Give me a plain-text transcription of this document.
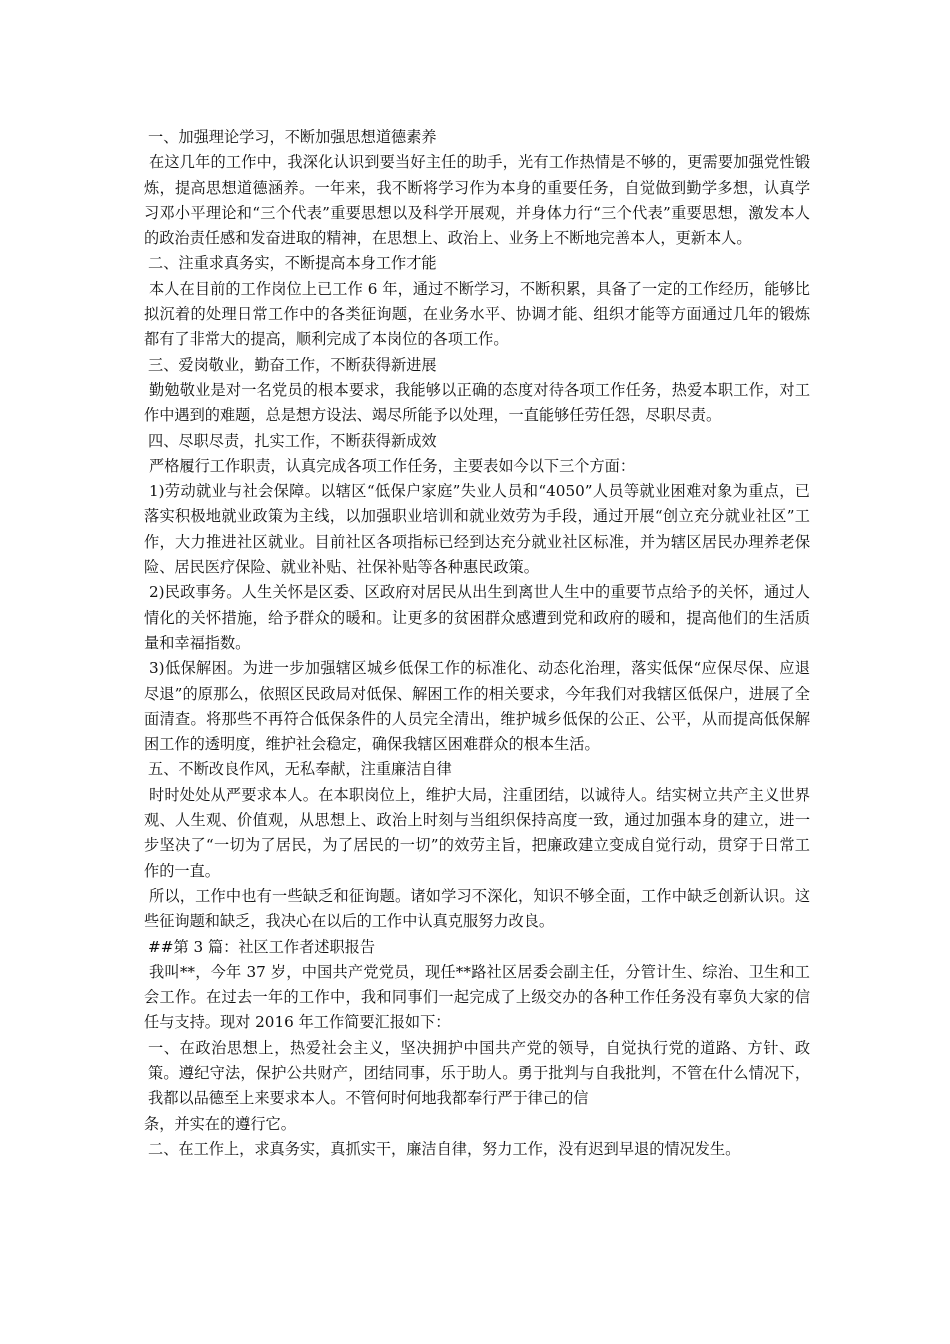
一、加强理论学习，不断加强思想道德素养

在这几年的工作中，我深化认识到要当好主任的助手，光有工作热情是不够的，更需要加强党性锻炼，提高思想道德涵养。一年来，我不断将学习作为本身的重要任务，自觉做到勤学多想，认真学习邓小平理论和“三个代表”重要思想以及科学开展观，并身体力行“三个代表”重要思想，激发本人的政治责任感和发奋进取的精神，在思想上、政治上、业务上不断地完善本人，更新本人。

二、注重求真务实，不断提高本身工作才能

本人在目前的工作岗位上已工作 6 年，通过不断学习，不断积累，具备了一定的工作经历，能够比拟沉着的处理日常工作中的各类征询题，在业务水平、协调才能、组织才能等方面通过几年的锻炼都有了非常大的提高，顺利完成了本岗位的各项工作。

三、爱岗敬业，勤奋工作，不断获得新进展

勤勉敬业是对一名党员的根本要求，我能够以正确的态度对待各项工作任务，热爱本职工作，对工作中遇到的难题，总是想方设法、竭尽所能予以处理，一直能够任劳任怨，尽职尽责。

四、尽职尽责，扎实工作，不断获得新成效

严格履行工作职责，认真完成各项工作任务，主要表如今以下三个方面：

1)劳动就业与社会保障。以辖区“低保户家庭”失业人员和“4050”人员等就业困难对象为重点，已落实积极地就业政策为主线，以加强职业培训和就业效劳为手段，通过开展“创立充分就业社区”工作，大力推进社区就业。目前社区各项指标已经到达充分就业社区标准，并为辖区居民办理养老保险、居民医疗保险、就业补贴、社保补贴等各种惠民政策。

2)民政事务。人生关怀是区委、区政府对居民从出生到离世人生中的重要节点给予的关怀，通过人情化的关怀措施，给予群众的暖和。让更多的贫困群众感遭到党和政府的暖和，提高他们的生活质量和幸福指数。

3)低保解困。为进一步加强辖区城乡低保工作的标准化、动态化治理，落实低保“应保尽保、应退尽退”的原那么，依照区民政局对低保、解困工作的相关要求，今年我们对我辖区低保户，进展了全面清查。将那些不再符合低保条件的人员完全清出，维护城乡低保的公正、公平，从而提高低保解困工作的透明度，维护社会稳定，确保我辖区困难群众的根本生活。

五、不断改良作风，无私奉献，注重廉洁自律

时时处处从严要求本人。在本职岗位上，维护大局，注重团结，以诚待人。结实树立共产主义世界观、人生观、价值观，从思想上、政治上时刻与当组织保持高度一致，通过加强本身的建立，进一步坚决了“一切为了居民，为了居民的一切”的效劳主旨，把廉政建立变成自觉行动，贯穿于日常工作的一直。

所以，工作中也有一些缺乏和征询题。诸如学习不深化，知识不够全面，工作中缺乏创新认识。这些征询题和缺乏，我决心在以后的工作中认真克服努力改良。

##第 3 篇：社区工作者述职报告

我叫**，今年 37 岁，中国共产党党员，现任**路社区居委会副主任，分管计生、综治、卫生和工会工作。在过去一年的工作中，我和同事们一起完成了上级交办的各种工作任务没有辜负大家的信任与支持。现对 2016 年工作简要汇报如下：

一、在政治思想上，热爱社会主义，坚决拥护中国共产党的领导，自觉执行党的道路、方针、政策。遵纪守法，保护公共财产，团结同事，乐于助人。勇于批判与自我批判，不管在什么情况下，我都以品德至上来要求本人。不管何时何地我都奉行严于律己的信

条，并实在的遵行它。

二、在工作上，求真务实，真抓实干，廉洁自律，努力工作，没有迟到早退的情况发生。
